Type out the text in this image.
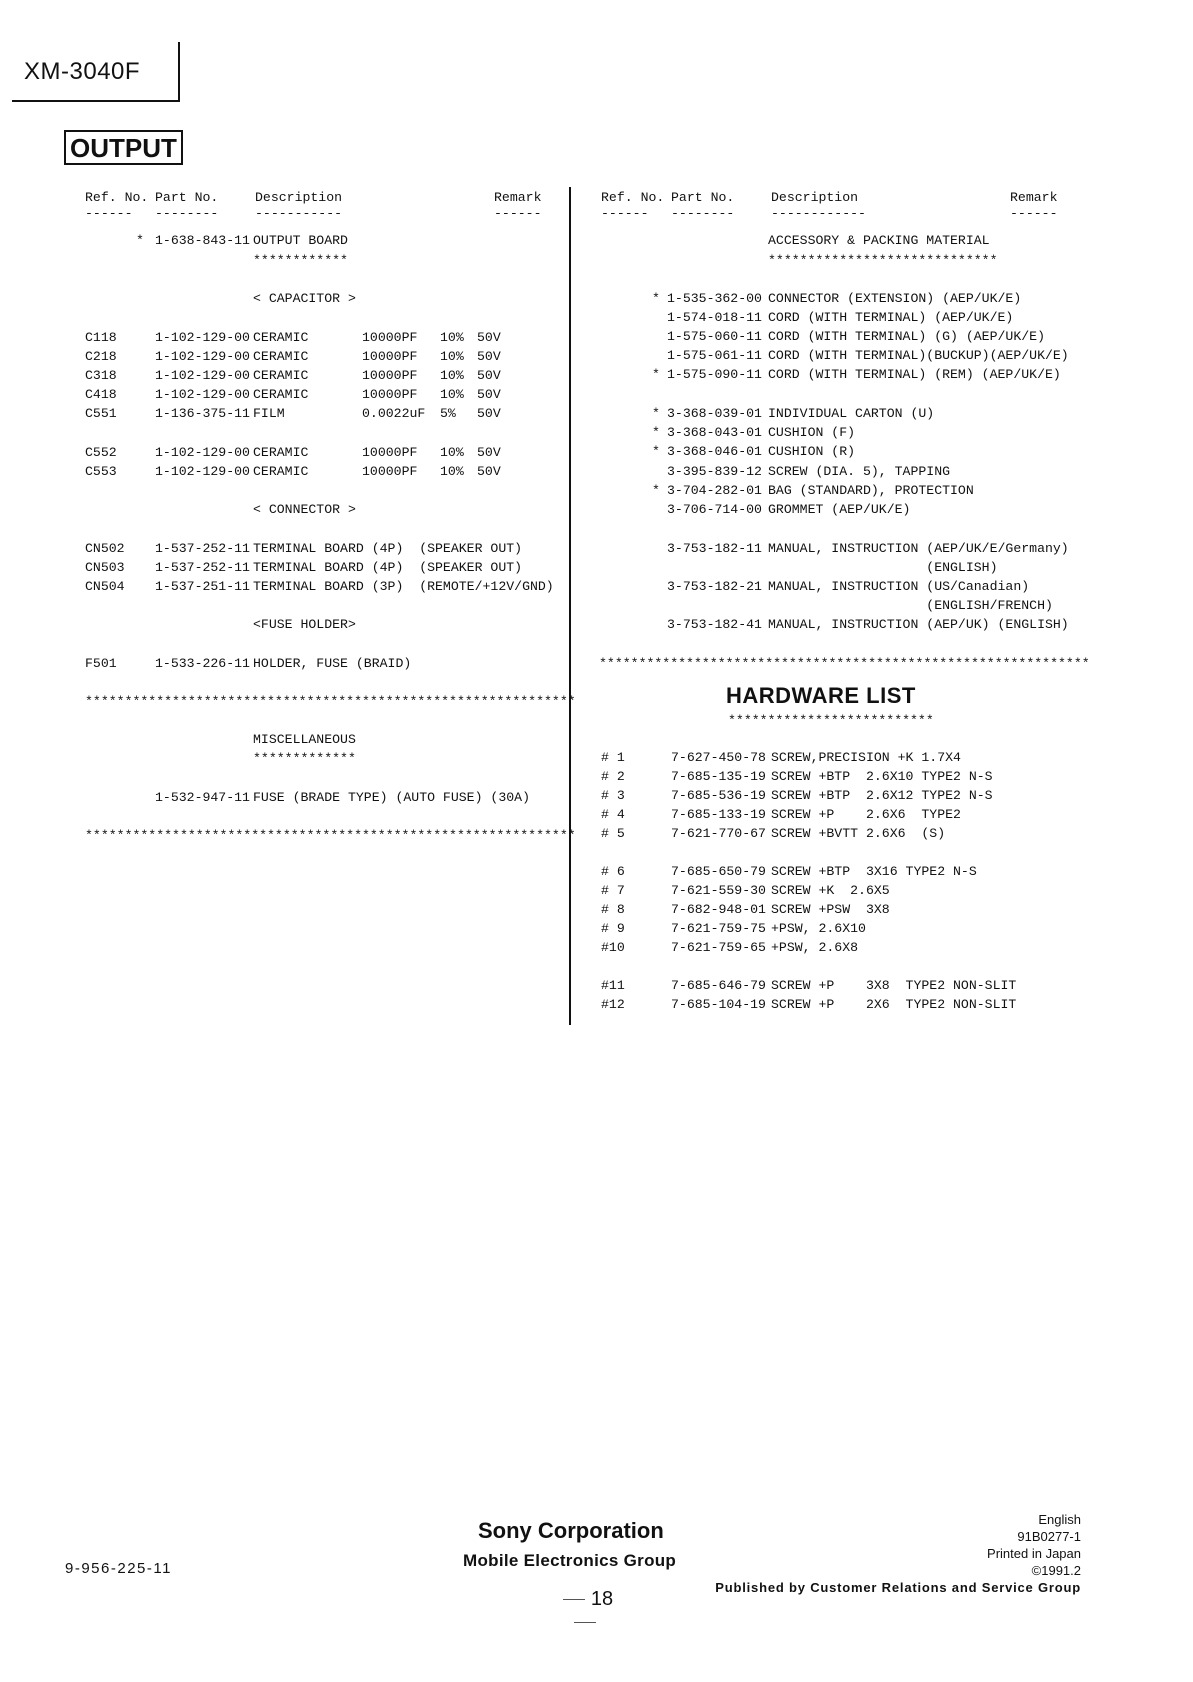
XM-3040F
OUTPUT
Ref. No. Part No.	Description	Remark
------ --------	-----------	------
Ref. No. Part No.	Description	Remark
------ --------	------------	------
* 1-638-843-11 OUTPUT BOARD
************
< CAPACITOR >
C118	1-102-129-00 CERAMIC	10000PF 10% 50V
C218	1-102-129-00 CERAMIC	10000PF 10% 50V
C318	1-102-129-00 CERAMIC	10000PF 10% 50V
C418	1-102-129-00 CERAMIC	10000PF 10% 50V
C551	1-136-375-11 FILM	0.0022uF 5% 50V
C552	1-102-129-00 CERAMIC	10000PF 10% 50V
C553	1-102-129-00 CERAMIC	10000PF 10% 50V
< CONNECTOR >
CN502 1-537-252-11 TERMINAL BOARD (4P)  (SPEAKER OUT)
CN503 1-537-252-11 TERMINAL BOARD (4P)  (SPEAKER OUT)
CN504 1-537-251-11 TERMINAL BOARD (3P)  (REMOTE/+12V/GND)
<FUSE HOLDER>
F501	1-533-226-11 HOLDER, FUSE (BRAID)
**************************************************************
MISCELLANEOUS
*************
1-532-947-11 FUSE (BRADE TYPE) (AUTO FUSE) (30A)
**************************************************************
ACCESSORY & PACKING MATERIAL
*****************************
* 1-535-362-00 CONNECTOR (EXTENSION) (AEP/UK/E)
1-574-018-11 CORD (WITH TERMINAL) (AEP/UK/E)
1-575-060-11 CORD (WITH TERMINAL) (G) (AEP/UK/E)
1-575-061-11 CORD (WITH TERMINAL)(BUCKUP)(AEP/UK/E)
* 1-575-090-11 CORD (WITH TERMINAL) (REM) (AEP/UK/E)
* 3-368-039-01 INDIVIDUAL CARTON (U)
* 3-368-043-01 CUSHION (F)
* 3-368-046-01 CUSHION (R)
3-395-839-12 SCREW (DIA. 5), TAPPING
* 3-704-282-01 BAG (STANDARD), PROTECTION
3-706-714-00 GROMMET (AEP/UK/E)
3-753-182-11 MANUAL, INSTRUCTION (AEP/UK/E/Germany)
(ENGLISH)
3-753-182-21 MANUAL, INSTRUCTION (US/Canadian)
(ENGLISH/FRENCH)
3-753-182-41 MANUAL, INSTRUCTION (AEP/UK) (ENGLISH)
**************************************************************
HARDWARE LIST
**************************
# 1	7-627-450-78 SCREW,PRECISION +K 1.7X4
# 2	7-685-135-19 SCREW +BTP  2.6X10 TYPE2 N-S
# 3	7-685-536-19 SCREW +BTP  2.6X12 TYPE2 N-S
# 4	7-685-133-19 SCREW +P    2.6X6  TYPE2
# 5	7-621-770-67 SCREW +BVTT 2.6X6  (S)
# 6	7-685-650-79 SCREW +BTP  3X16 TYPE2 N-S
# 7	7-621-559-30 SCREW +K  2.6X5
# 8	7-682-948-01 SCREW +PSW  3X8
# 9	7-621-759-75 +PSW, 2.6X10
#10	7-621-759-65 +PSW, 2.6X8
#11	7-685-646-79 SCREW +P    3X8  TYPE2 NON-SLIT
#12	7-685-104-19 SCREW +P    2X6  TYPE2 NON-SLIT
9-956-225-11
Sony Corporation
Mobile Electronics Group
18
English
91B0277-1
Printed in Japan
©1991.2
Published by Customer Relations and Service Group
